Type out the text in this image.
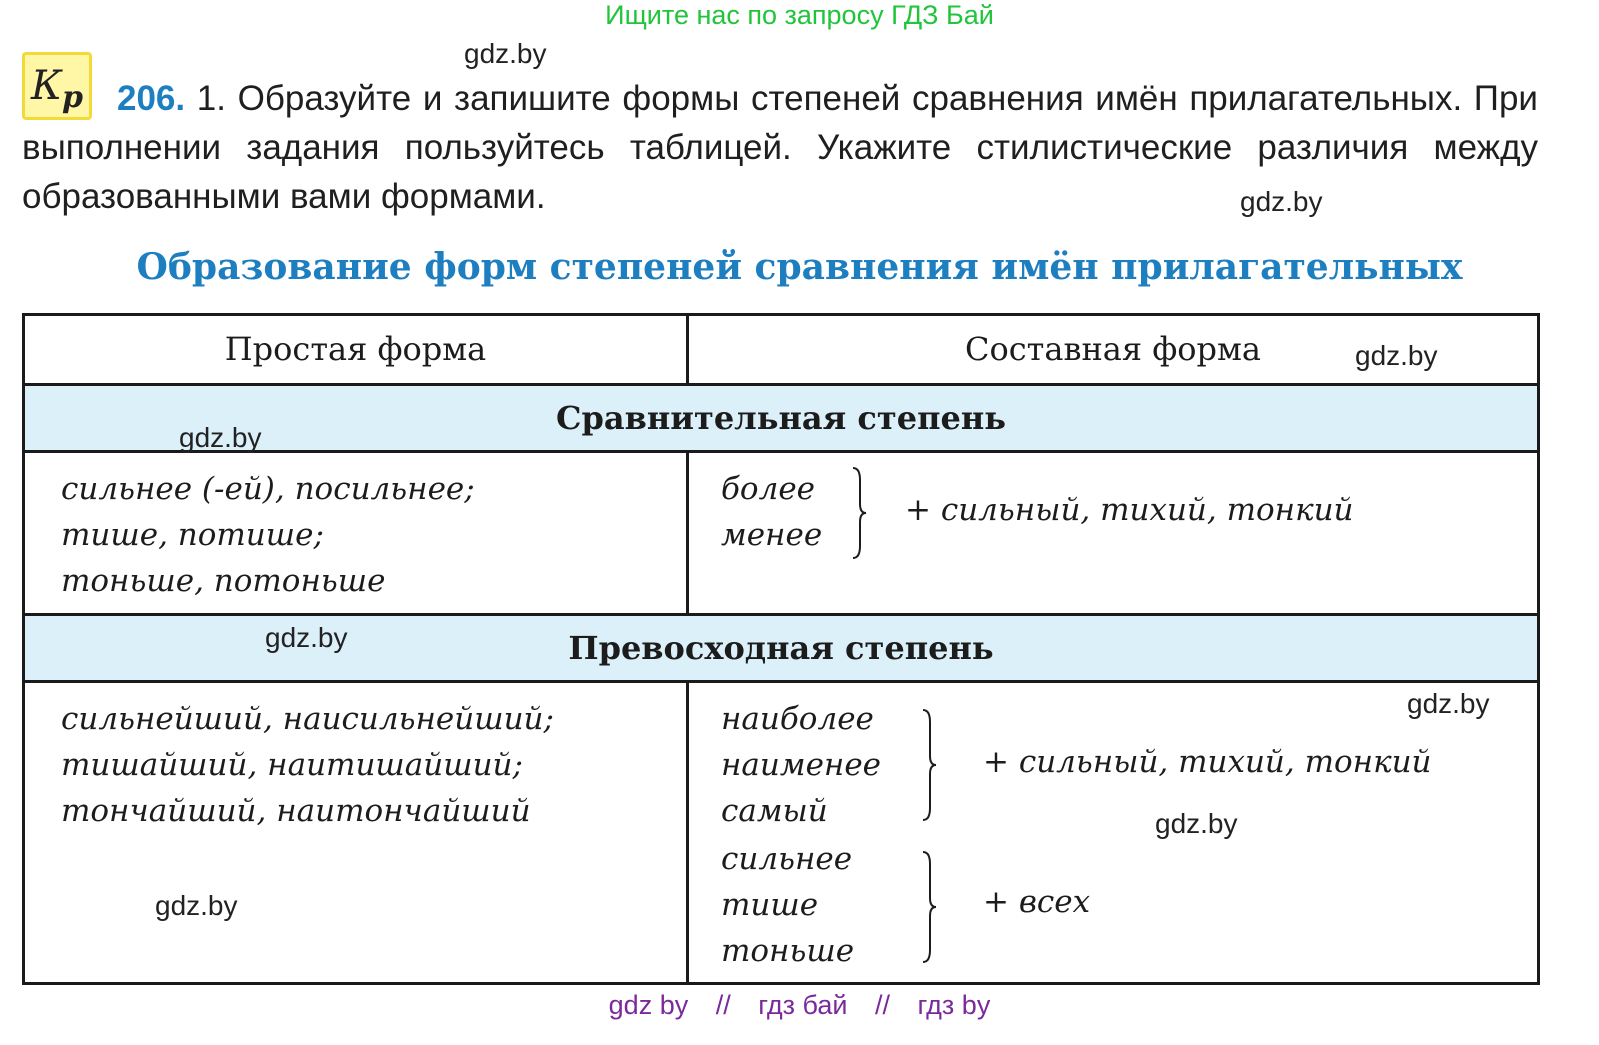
Ищите нас по запросу ГДЗ Бай
gdz.by
$К_р$ 206. 1. Образуйте и запишите формы степеней сравнения имён прилагательных. При выполнении задания пользуйтесь таблицей. Укажите стилистические различия между образованными вами формами.	gdz.by
Образование форм степеней сравнения имён прилагательных
Простая форма	Составная форма
Сравнительная степень
Превосходная степень
сильнее (-ей), посильнее;
тише, потише;
тоньше, потоньше
более
менее
+ сильный, тихий, тонкий
сильнейший, наисильнейший;
тишайший, наитишайший;
тончайший, наитончайший
наиболее
наименее
самый
+ сильный, тихий, тонкий
сильнее
тише
тоньше
+ всех
gdz.by
gdz.by
gdz.by
gdz.by
gdz.by
gdz.by
gdz by // гдз бай // гдз by
